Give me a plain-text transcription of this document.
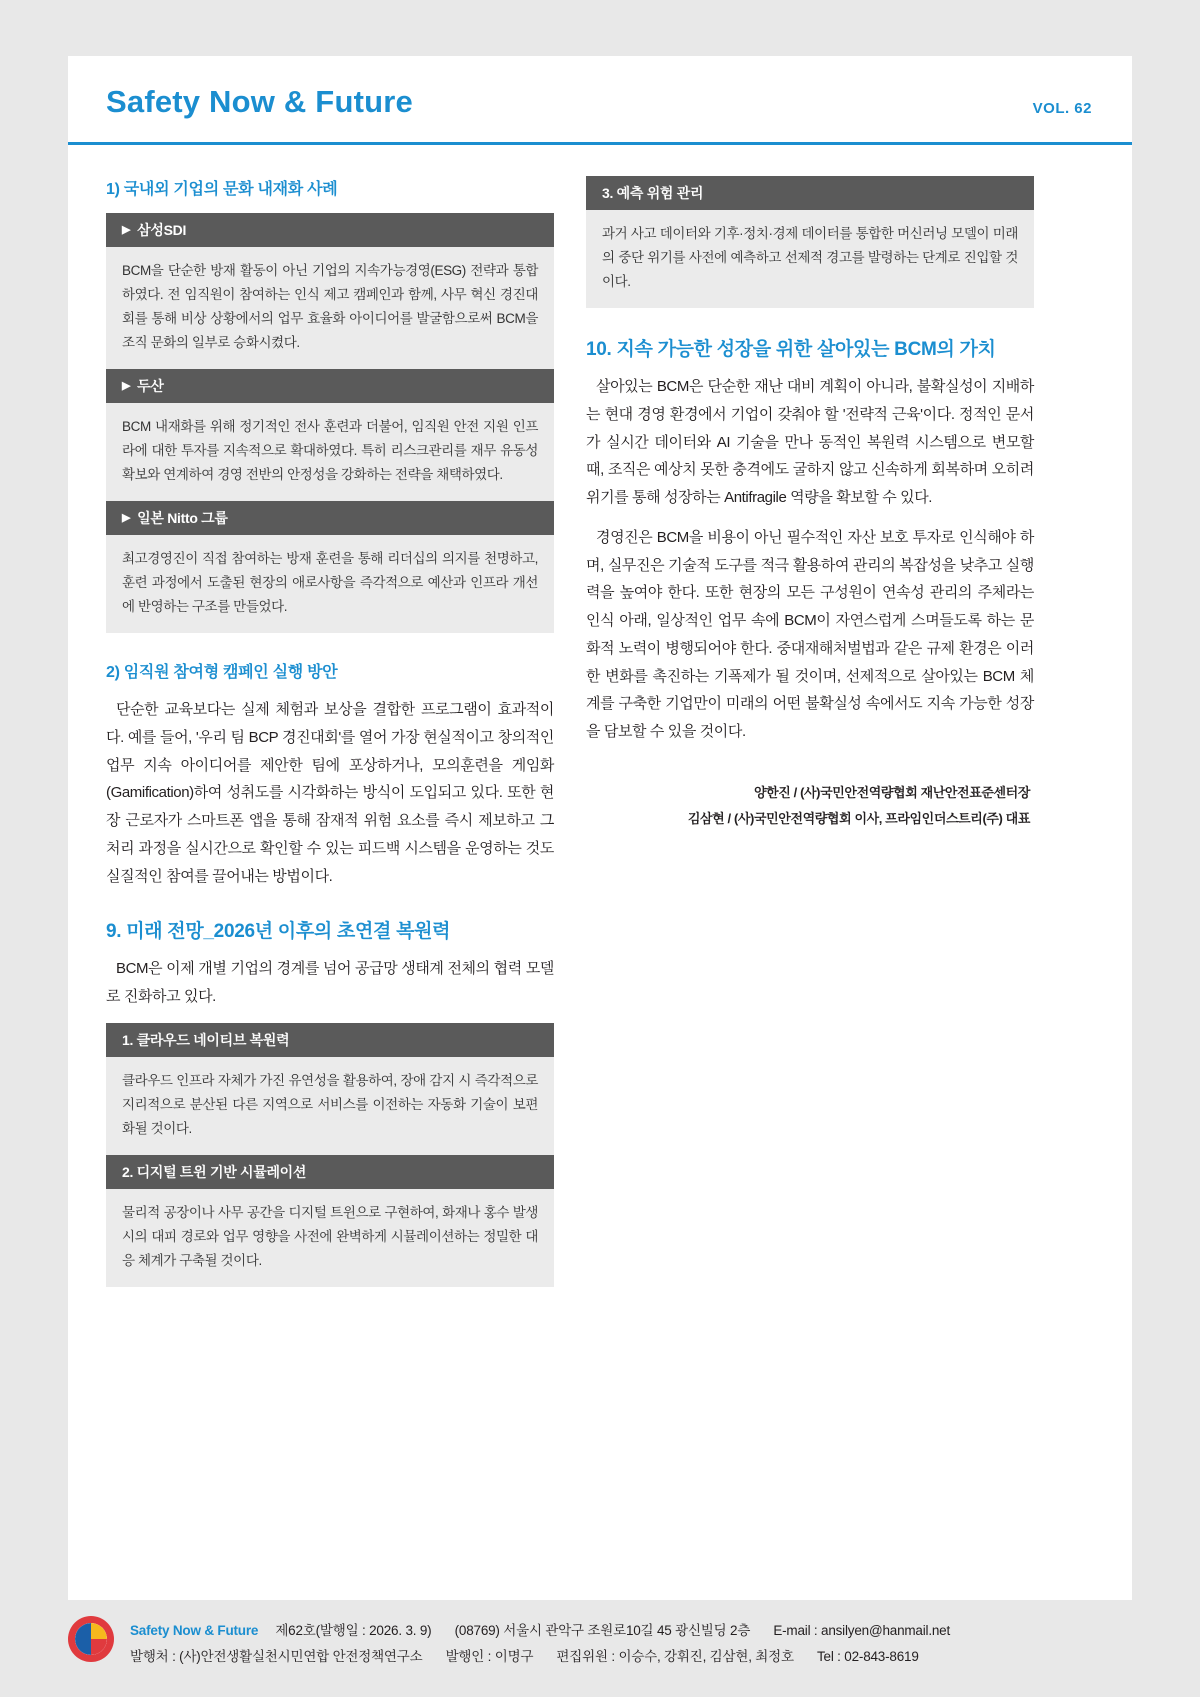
Safety Now & Future	VOL. 62
1) 국내외 기업의 문화 내재화 사례
▶ 삼성SDI
BCM을 단순한 방재 활동이 아닌 기업의 지속가능경영(ESG) 전략과 통합하였다. 전 임직원이 참여하는 인식 제고 캠페인과 함께, 사무 혁신 경진대회를 통해 비상 상황에서의 업무 효율화 아이디어를 발굴함으로써 BCM을 조직 문화의 일부로 승화시켰다.
▶ 두산
BCM 내재화를 위해 정기적인 전사 훈련과 더불어, 임직원 안전 지원 인프라에 대한 투자를 지속적으로 확대하였다. 특히 리스크관리를 재무 유동성 확보와 연계하여 경영 전반의 안정성을 강화하는 전략을 채택하였다.
▶ 일본 Nitto 그룹
최고경영진이 직접 참여하는 방재 훈련을 통해 리더십의 의지를 천명하고, 훈련 과정에서 도출된 현장의 애로사항을 즉각적으로 예산과 인프라 개선에 반영하는 구조를 만들었다.
2) 임직원 참여형 캠페인 실행 방안

단순한 교육보다는 실제 체험과 보상을 결합한 프로그램이 효과적이다. 예를 들어, '우리 팀 BCP 경진대회'를 열어 가장 현실적이고 창의적인 업무 지속 아이디어를 제안한 팀에 포상하거나, 모의훈련을 게임화(Gamification)하여 성취도를 시각화하는 방식이 도입되고 있다. 또한 현장 근로자가 스마트폰 앱을 통해 잠재적 위험 요소를 즉시 제보하고 그 처리 과정을 실시간으로 확인할 수 있는 피드백 시스템을 운영하는 것도 실질적인 참여를 끌어내는 방법이다.

9. 미래 전망_2026년 이후의 초연결 복원력

BCM은 이제 개별 기업의 경계를 넘어 공급망 생태계 전체의 협력 모델로 진화하고 있다.

1. 클라우드 네이티브 복원력
클라우드 인프라 자체가 가진 유연성을 활용하여, 장애 감지 시 즉각적으로 지리적으로 분산된 다른 지역으로 서비스를 이전하는 자동화 기술이 보편화될 것이다.
2. 디지털 트윈 기반 시뮬레이션
물리적 공장이나 사무 공간을 디지털 트윈으로 구현하여, 화재나 홍수 발생 시의 대피 경로와 업무 영향을 사전에 완벽하게 시뮬레이션하는 정밀한 대응 체계가 구축될 것이다.
3. 예측 위험 관리
과거 사고 데이터와 기후·정치·경제 데이터를 통합한 머신러닝 모델이 미래의 중단 위기를 사전에 예측하고 선제적 경고를 발령하는 단계로 진입할 것이다.
10. 지속 가능한 성장을 위한 살아있는 BCM의 가치

살아있는 BCM은 단순한 재난 대비 계획이 아니라, 불확실성이 지배하는 현대 경영 환경에서 기업이 갖춰야 할 '전략적 근육'이다. 정적인 문서가 실시간 데이터와 AI 기술을 만나 동적인 복원력 시스템으로 변모할 때, 조직은 예상치 못한 충격에도 굴하지 않고 신속하게 회복하며 오히려 위기를 통해 성장하는 Antifragile 역량을 확보할 수 있다.

경영진은 BCM을 비용이 아닌 필수적인 자산 보호 투자로 인식해야 하며, 실무진은 기술적 도구를 적극 활용하여 관리의 복잡성을 낮추고 실행력을 높여야 한다. 또한 현장의 모든 구성원이 연속성 관리의 주체라는 인식 아래, 일상적인 업무 속에 BCM이 자연스럽게 스며들도록 하는 문화적 노력이 병행되어야 한다. 중대재해처벌법과 같은 규제 환경은 이러한 변화를 촉진하는 기폭제가 될 것이며, 선제적으로 살아있는 BCM 체계를 구축한 기업만이 미래의 어떤 불확실성 속에서도 지속 가능한 성장을 담보할 수 있을 것이다.

양한진 / (사)국민안전역량협회 재난안전표준센터장
김삼현 / (사)국민안전역량협회 이사, 프라임인더스트리(주) 대표
Safety Now & Future 제62호(발행일 : 2026. 3. 9) (08769) 서울시 관악구 조원로10길 45 광신빌딩 2층 E-mail : ansilyen@hanmail.net
발행처 : (사)안전생활실천시민연합 안전정책연구소 발행인 : 이명구 편집위원 : 이승수, 강휘진, 김삼현, 최정호 Tel : 02-843-8619
